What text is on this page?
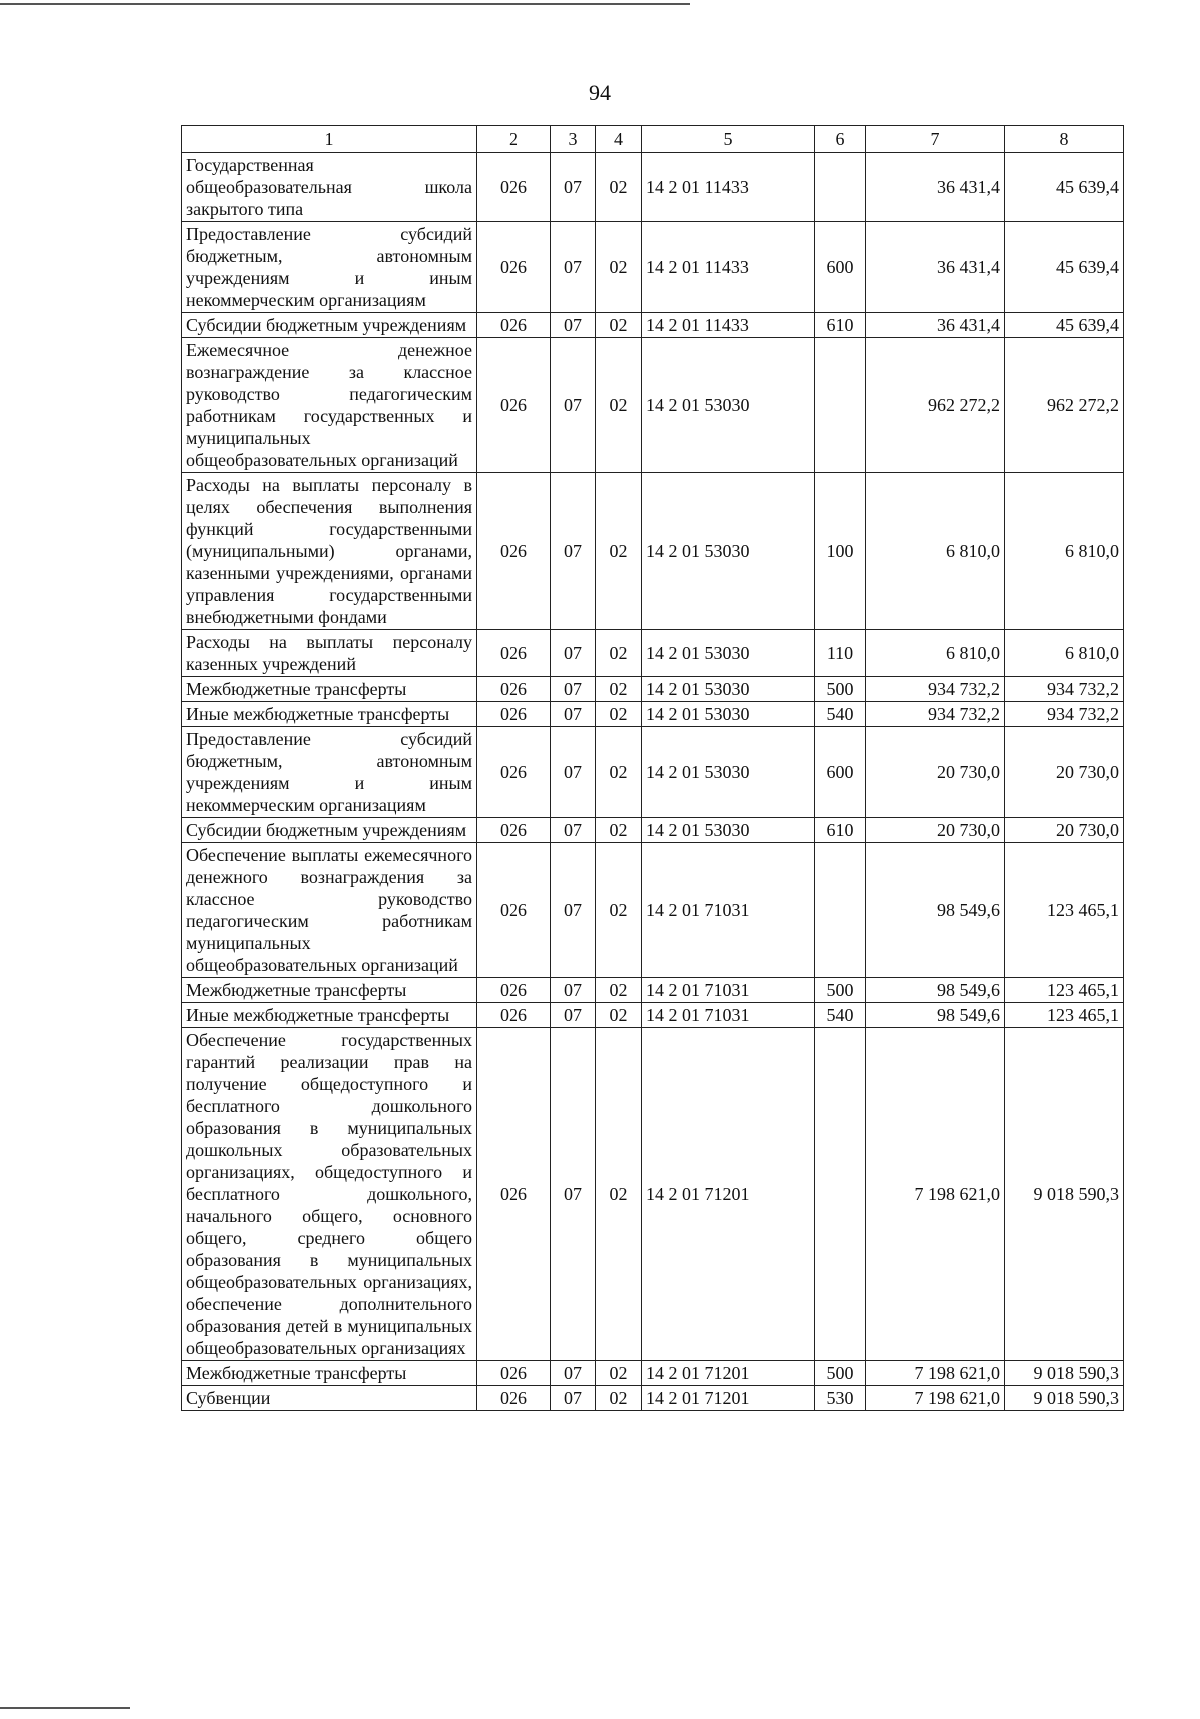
94
1	2	3	4	5	6	7	8
Государственная общеобразовательная школа закрытого типа	026	07	02	14 2 01 11433		36 431,4	45 639,4
Предоставление субсидий бюджетным, автономным учреждениям и иным некоммерческим организациям	026	07	02	14 2 01 11433	600	36 431,4	45 639,4
Субсидии бюджетным учреждениям	026	07	02	14 2 01 11433	610	36 431,4	45 639,4
Ежемесячное денежное вознаграждение за классное руководство педагогическим работникам государственных и муниципальных общеобразовательных организаций	026	07	02	14 2 01 53030		962 272,2	962 272,2
Расходы на выплаты персоналу в целях обеспечения выполнения функций государственными (муниципальными) органами, казенными учреждениями, органами управления государственными внебюджетными фондами	026	07	02	14 2 01 53030	100	6 810,0	6 810,0
Расходы на выплаты персоналу казенных учреждений	026	07	02	14 2 01 53030	110	6 810,0	6 810,0
Межбюджетные трансферты	026	07	02	14 2 01 53030	500	934 732,2	934 732,2
Иные межбюджетные трансферты	026	07	02	14 2 01 53030	540	934 732,2	934 732,2
Предоставление субсидий бюджетным, автономным учреждениям и иным некоммерческим организациям	026	07	02	14 2 01 53030	600	20 730,0	20 730,0
Субсидии бюджетным учреждениям	026	07	02	14 2 01 53030	610	20 730,0	20 730,0
Обеспечение выплаты ежемесячного денежного вознаграждения за классное руководство педагогическим работникам муниципальных общеобразовательных организаций	026	07	02	14 2 01 71031		98 549,6	123 465,1
Межбюджетные трансферты	026	07	02	14 2 01 71031	500	98 549,6	123 465,1
Иные межбюджетные трансферты	026	07	02	14 2 01 71031	540	98 549,6	123 465,1
Обеспечение государственных гарантий реализации прав на получение общедоступного и бесплатного дошкольного образования в муниципальных дошкольных образовательных организациях, общедоступного и бесплатного дошкольного, начального общего, основного общего, среднего общего образования в муниципальных общеобразовательных организациях, обеспечение дополнительного образования детей в муниципальных общеобразовательных организациях	026	07	02	14 2 01 71201		7 198 621,0	9 018 590,3
Межбюджетные трансферты	026	07	02	14 2 01 71201	500	7 198 621,0	9 018 590,3
Субвенции	026	07	02	14 2 01 71201	530	7 198 621,0	9 018 590,3
